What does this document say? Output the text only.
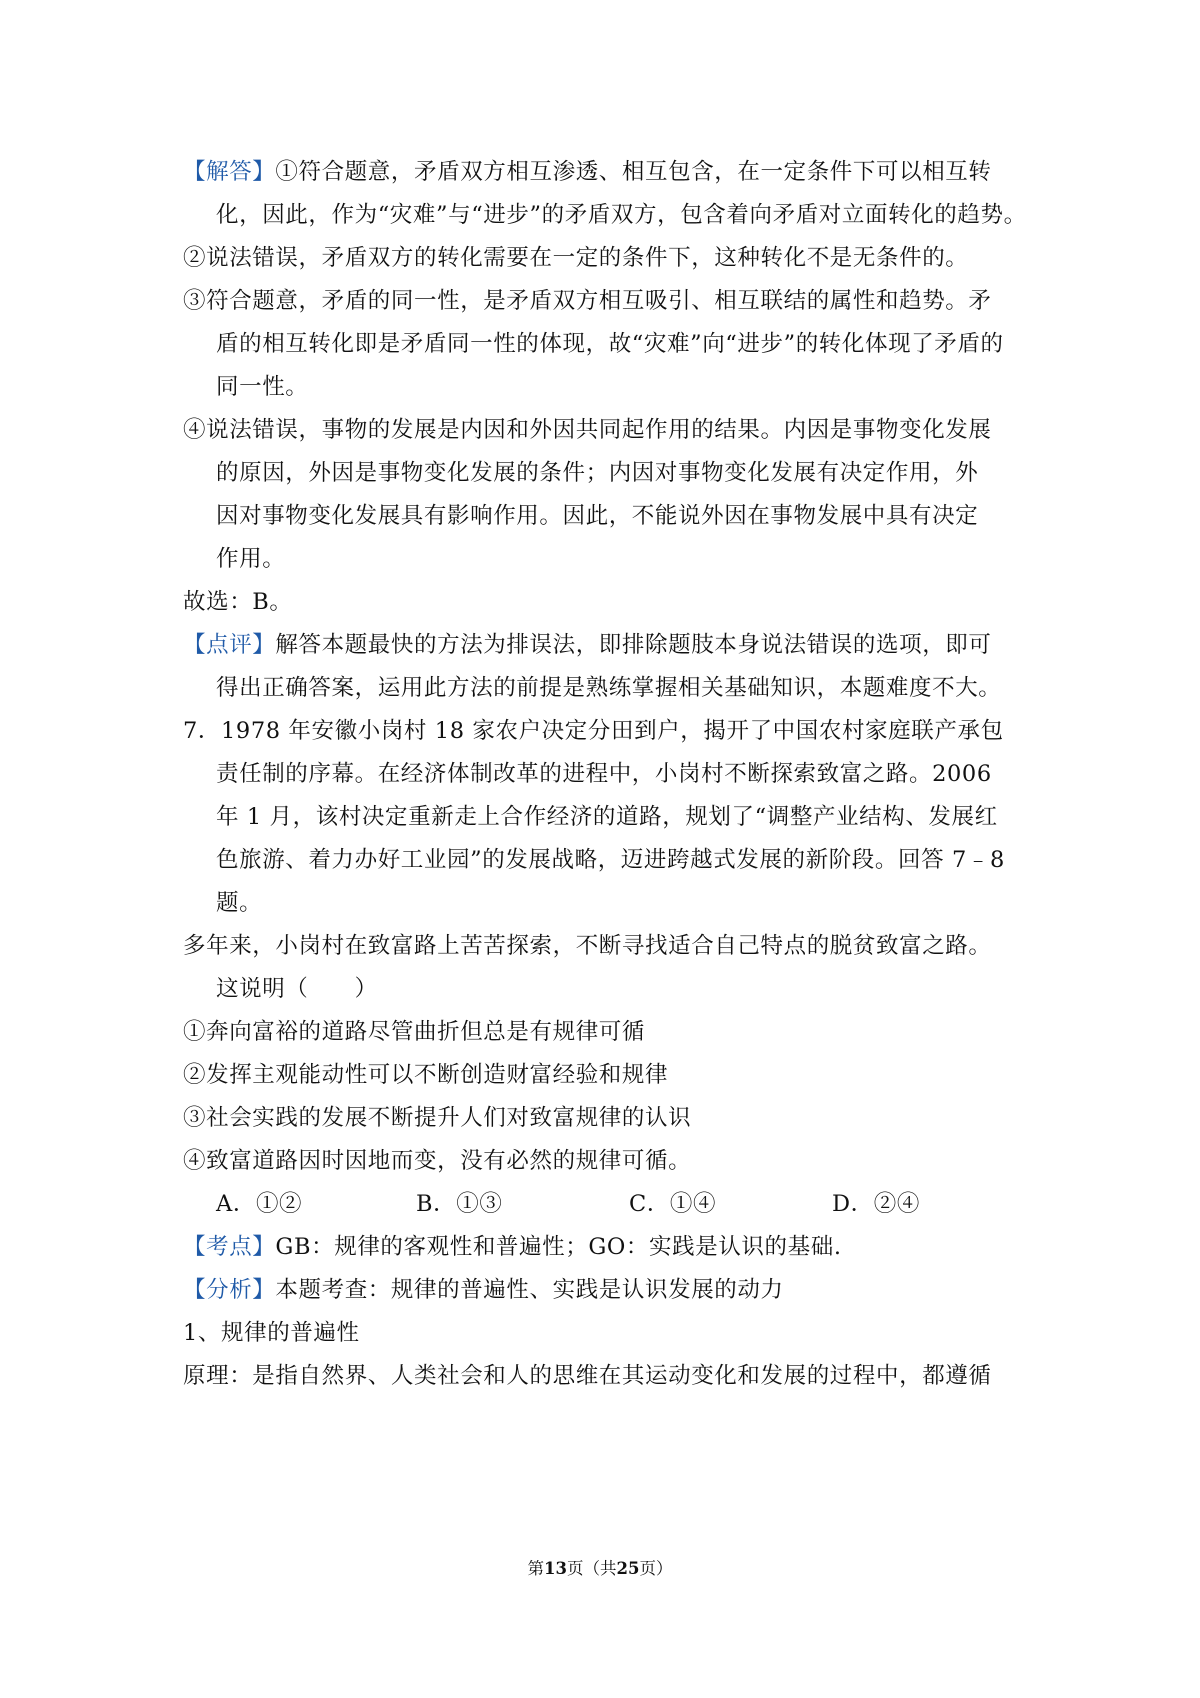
【解答】①符合题意，矛盾双方相互渗透、相互包含，在一定条件下可以相互转
化，因此，作为“灾难”与“进步”的矛盾双方，包含着向矛盾对立面转化的趋势。
②说法错误，矛盾双方的转化需要在一定的条件下，这种转化不是无条件的。
③符合题意，矛盾的同一性，是矛盾双方相互吸引、相互联结的属性和趋势。矛
盾的相互转化即是矛盾同一性的体现，故“灾难”向“进步”的转化体现了矛盾的
同一性。
④说法错误，事物的发展是内因和外因共同起作用的结果。内因是事物变化发展
的原因，外因是事物变化发展的条件；内因对事物变化发展有决定作用，外
因对事物变化发展具有影响作用。因此，不能说外因在事物发展中具有决定
作用。
故选：B。
【点评】解答本题最快的方法为排误法，即排除题肢本身说法错误的选项，即可
得出正确答案，运用此方法的前提是熟练掌握相关基础知识，本题难度不大。
7．1978 年安徽小岗村 18 家农户决定分田到户，揭开了中国农村家庭联产承包
责任制的序幕。在经济体制改革的进程中，小岗村不断探索致富之路。2006
年 1 月，该村决定重新走上合作经济的道路，规划了“调整产业结构、发展红
色旅游、着力办好工业园”的发展战略，迈进跨越式发展的新阶段。回答 7﹣8
题。
多年来，小岗村在致富路上苦苦探索，不断寻找适合自己特点的脱贫致富之路。
这说明（　　）
①奔向富裕的道路尽管曲折但总是有规律可循
②发挥主观能动性可以不断创造财富经验和规律
③社会实践的发展不断提升人们对致富规律的认识
④致富道路因时因地而变，没有必然的规律可循。
A．①②	B．①③	C．①④	D．②④
【考点】GB：规律的客观性和普遍性；GO：实践是认识的基础.
【分析】本题考查：规律的普遍性、实践是认识发展的动力
1、规律的普遍性
原理：是指自然界、人类社会和人的思维在其运动变化和发展的过程中，都遵循
第13页（共25页）
